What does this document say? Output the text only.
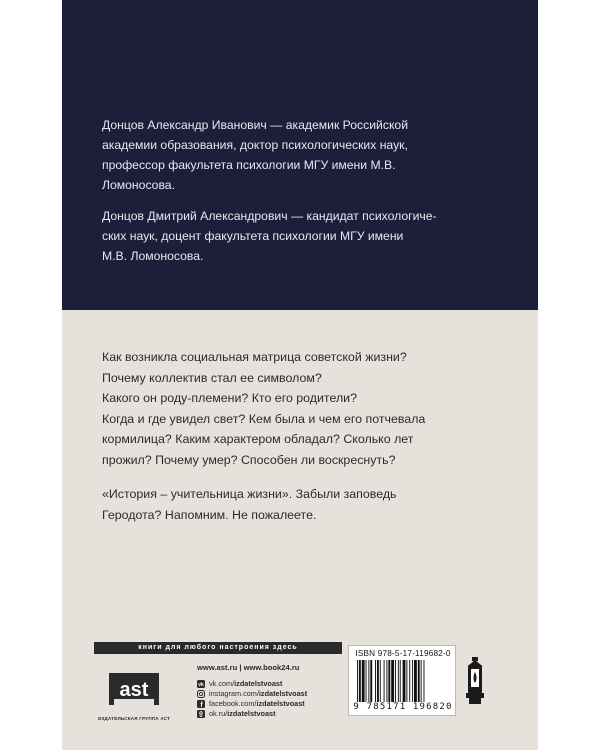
Донцов Александр Иванович — академик Российской
академии образования, доктор психологических наук,
профессор факультета психологии МГУ имени М.В.
Ломоносова.

Донцов Дмитрий Александрович — кандидат психологиче-
ских наук, доцент факультета психологии МГУ имени
М.В. Ломоносова.

Как возникла социальная матрица советской жизни?
Почему коллектив стал ее символом?
Какого он роду-племени? Кто его родители?
Когда и где увидел свет? Кем была и чем его потчевала
кормилица? Каким характером обладал? Сколько лет
прожил? Почему умер? Способен ли воскреснуть?

«История – учительница жизни». Забыли заповедь
Геродота? Напомним. Не пожалеете.

книги для любого настроения здесь
ast
ИЗДАТЕЛЬСКАЯ ГРУППА АСТ
www.ast.ru | www.book24.ru
vk vk.com/ izdatelstvoast
instagram.com/ izdatelstvoast
f facebook.com/ izdatelstvoast
ok.ru/ izdatelstvoast
ISBN 978-5-17-119682-0
9 785171 196820
